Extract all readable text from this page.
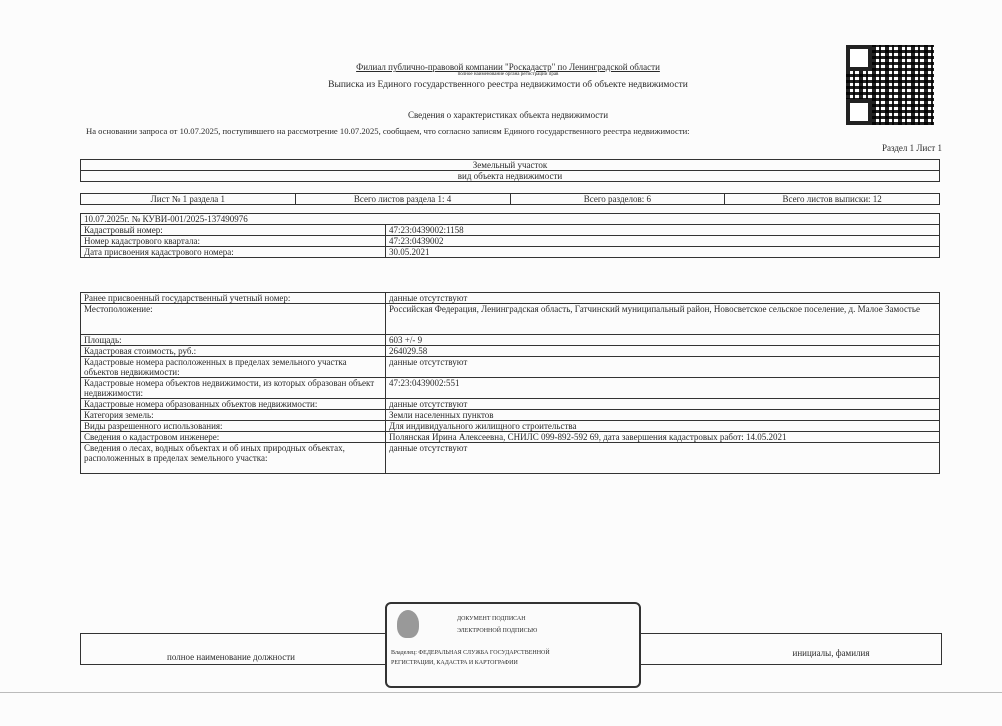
Филиал публично-правовой компании "Роскадастр" по Ленинградской области
полное наименование органа регистрации прав
Выписка из Единого государственного реестра недвижимости об объекте недвижимости
Сведения о характеристиках объекта недвижимости
На основании запроса от 10.07.2025, поступившего на рассмотрение 10.07.2025, сообщаем, что согласно записям Единого государственного реестра недвижимости:
Раздел 1 Лист 1
Земельный участок
вид объекта недвижимости
Лист № 1 раздела 1	Всего листов раздела 1: 4	Всего разделов: 6	Всего листов выписки: 12
10.07.2025г. № КУВИ-001/2025-137490976	
Кадастровый номер:	47:23:0439002:1158
Номер кадастрового квартала:	47:23:0439002
Дата присвоения кадастрового номера:	30.05.2021
Ранее присвоенный государственный учетный номер:	данные отсутствуют
Местоположение:	Российская Федерация, Ленинградская область, Гатчинский муниципальный район, Новосветское сельское поселение, д. Малое Замостье
Площадь:	603 +/- 9
Кадастровая стоимость, руб.:	264029.58
Кадастровые номера расположенных в пределах земельного участка объектов недвижимости:	данные отсутствуют
Кадастровые номера объектов недвижимости, из которых образован объект недвижимости:	47:23:0439002:551
Кадастровые номера образованных объектов недвижимости:	данные отсутствуют
Категория земель:	Земли населенных пунктов
Виды разрешенного использования:	Для индивидуального жилищного строительства
Сведения о кадастровом инженере:	Полянская Ирина Алексеевна, СНИЛС 099-892-592 69, дата завершения кадастровых работ: 14.05.2021
Сведения о лесах, водных объектах и об иных природных объектах, расположенных в пределах земельного участка:	данные отсутствуют
полное наименование должности	инициалы, фамилия
ДОКУМЕНТ ПОДПИСАН
ЭЛЕКТРОННОЙ ПОДПИСЬЮ
Владелец: ФЕДЕРАЛЬНАЯ СЛУЖБА ГОСУДАРСТВЕННОЙ РЕГИСТРАЦИИ, КАДАСТРА И КАРТОГРАФИИ
